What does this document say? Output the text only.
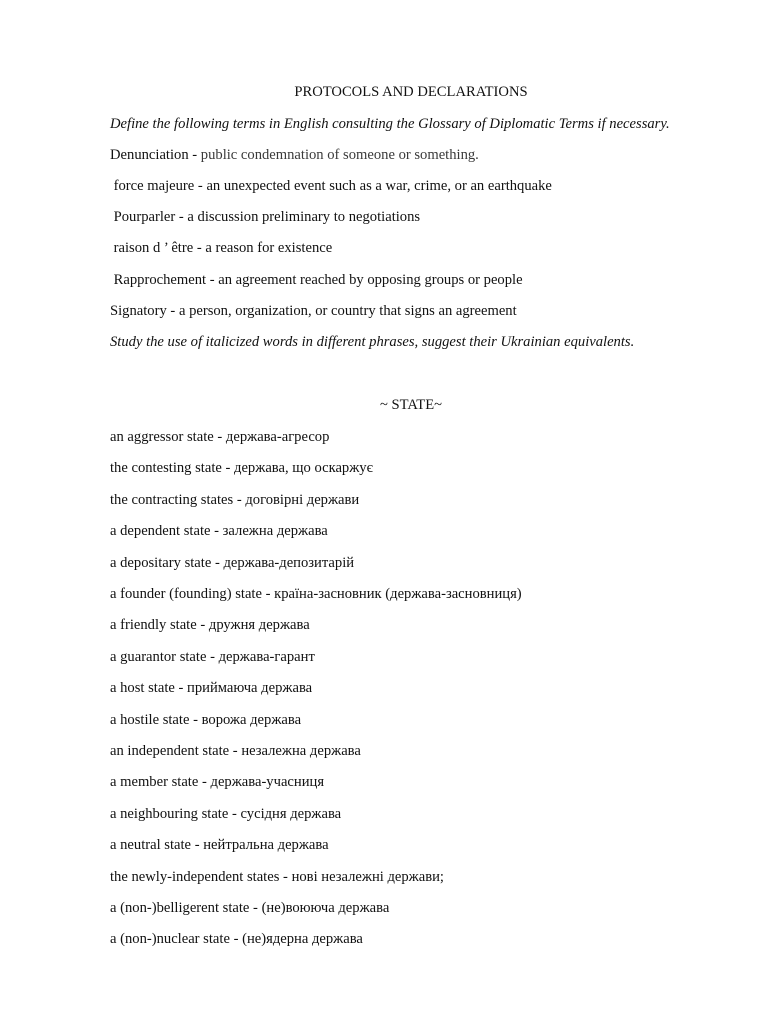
PROTOCOLS AND DECLARATIONS
Define the following terms in English consulting the Glossary of Diplomatic Terms if necessary.
Denunciation - public condemnation of someone or something.
force majeure - an unexpected event such as a war, crime, or an earthquake
Pourparler - a discussion preliminary to negotiations
raison d ’ être - a reason for existence
Rapprochement - an agreement reached by opposing groups or people
Signatory - a person, organization, or country that signs an agreement
Study the use of italicized words in different phrases, suggest their Ukrainian equivalents.
~ STATE~
an aggressor state - держава-агресор
the contesting state - держава, що оскаржує
the contracting states - договірні держави
a dependent state - залежна держава
a depositary state - держава-депозитарій
a founder (founding) state - країна-засновник (держава-засновниця)
a friendly state - дружня держава
a guarantor state - держава-гарант
a host state - приймаюча держава
a hostile state - ворожа держава
an independent state - незалежна держава
a member state - держава-учасниця
a neighbouring state - сусідня держава
a neutral state - нейтральна держава
the newly-independent states - нові незалежні держави;
a (non-)belligerent state - (не)воююча держава
a (non-)nuclear state - (не)ядерна держава
